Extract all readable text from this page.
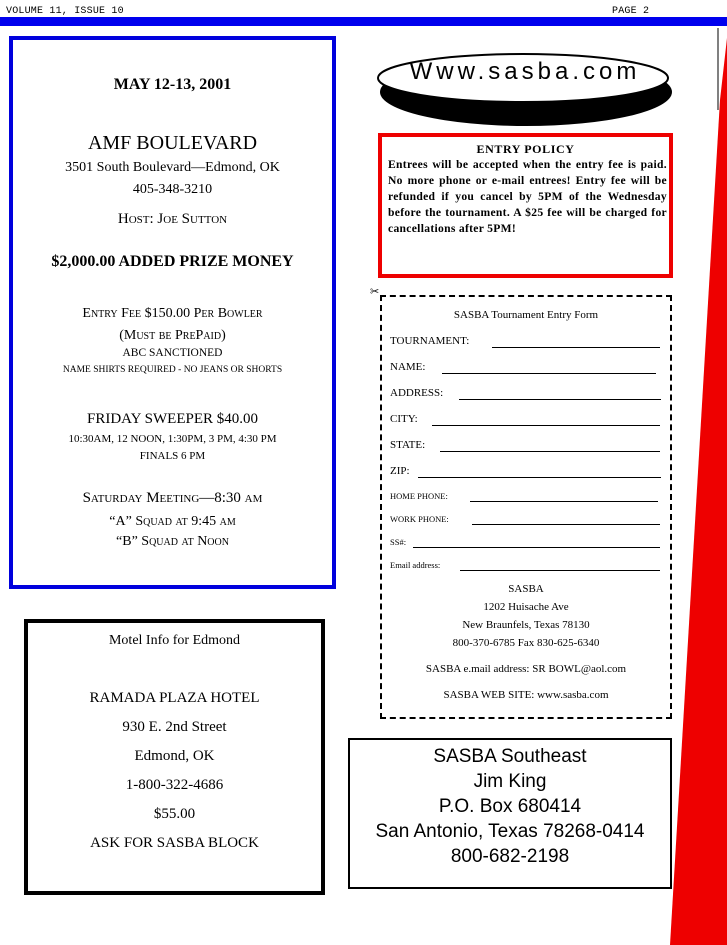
VOLUME 11, ISSUE 10	PAGE 2
MAY 12-13, 2001
AMF BOULEVARD
3501 South Boulevard—Edmond, OK
405-348-3210
Host: Joe Sutton
$2,000.00 ADDED PRIZE MONEY
Entry Fee $150.00 Per Bowler
(Must be PrePaid)
ABC SANCTIONED
NAME SHIRTS REQUIRED - NO JEANS OR SHORTS
FRIDAY SWEEPER $40.00
10:30AM, 12 NOON, 1:30PM, 3 PM, 4:30 PM
FINALS 6 PM
Saturday Meeting—8:30 am
“A” Squad at 9:45 am
“B” Squad at Noon
Motel Info for Edmond
RAMADA PLAZA HOTEL
930 E. 2nd Street
Edmond, OK
1-800-322-4686
$55.00
ASK FOR SASBA BLOCK
Www.sasba.com
ENTRY POLICY
Entrees will be accepted when the entry fee is paid. No more phone or e-mail entrees! Entry fee will be refunded if you cancel by 5PM of the Wednesday before the tournament. A $25 fee will be charged for cancellations after 5PM!
✂
SASBA Tournament Entry Form
TOURNAMENT:
NAME:
ADDRESS:
CITY:
STATE:
ZIP:
HOME PHONE:
WORK PHONE:
SS#:
Email address:
SASBA
1202 Huisache Ave
New Braunfels, Texas 78130
800-370-6785 Fax 830-625-6340
SASBA e.mail address: SR BOWL@aol.com
SASBA WEB SITE: www.sasba.com
SASBA Southeast
Jim King
P.O. Box 680414
San Antonio, Texas 78268-0414
800-682-2198
